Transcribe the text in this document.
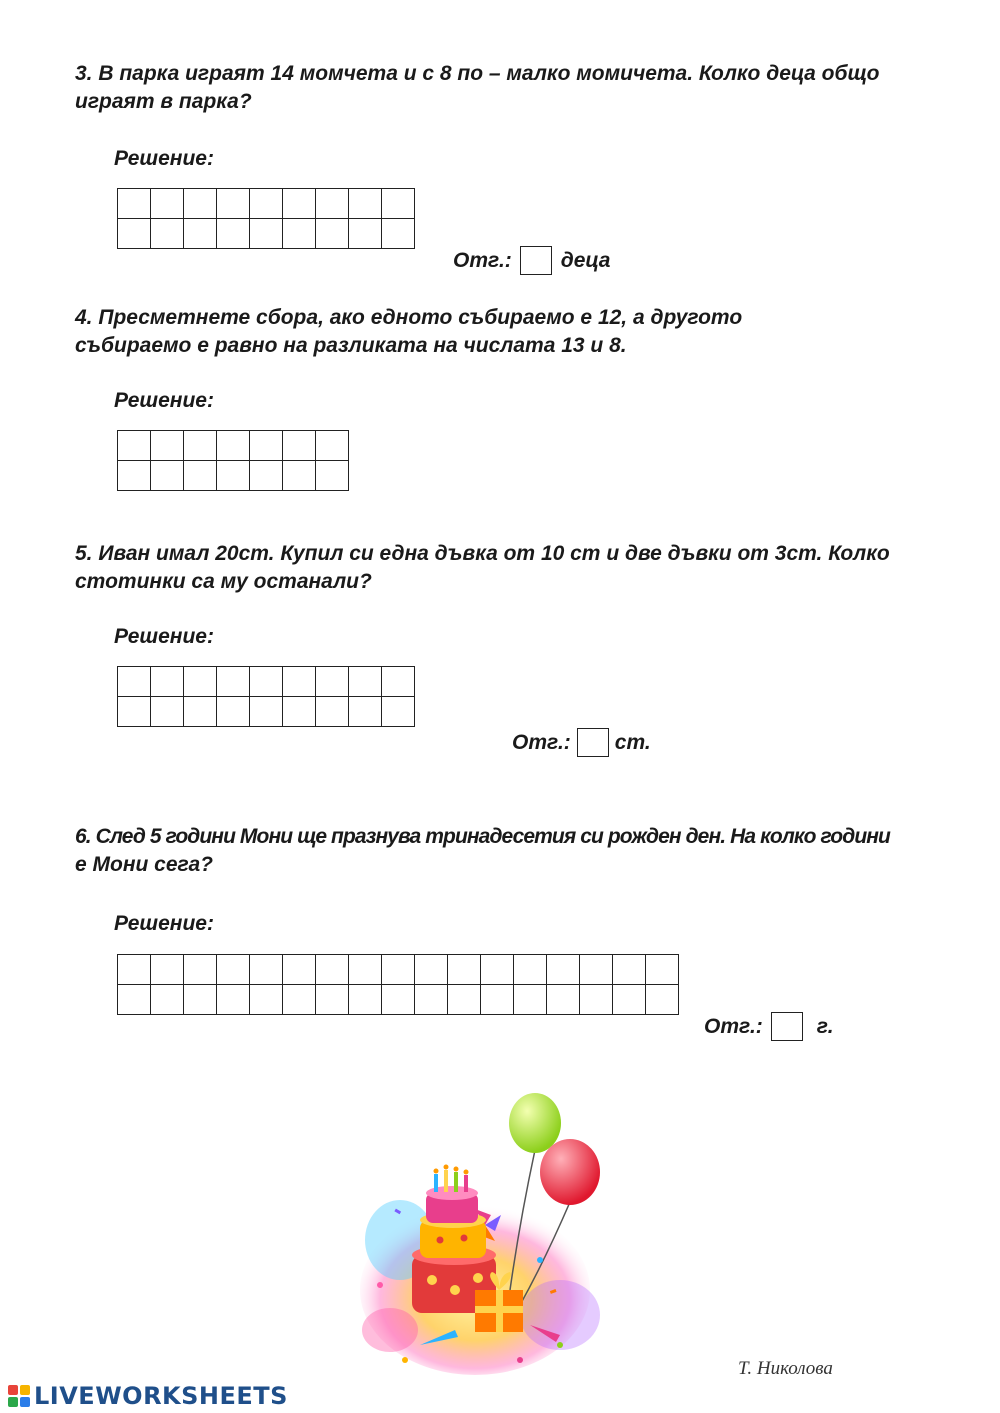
3. В парка играят 14 момчета и с 8 по – малко момичета. Колко деца общо
играят в парка?

Решение:

Отг.: деца

4. Пресметнете сбора, ако едното събираемо е 12, а другото
събираемо е равно на разликата на числата 13 и 8.

Решение:

5. Иван имал 20ст. Купил си една дъвка от 10 ст и две дъвки от 3ст. Колко
стотинки са му останали?

Решение:

Отг.: ст.

6. След 5 години Мони ще празнува тринадесетия си рожден ден. На колко години
е Мони сега?

Решение:

Отг.:	г.
Т. Николова
LIVEWORKSHEETS
